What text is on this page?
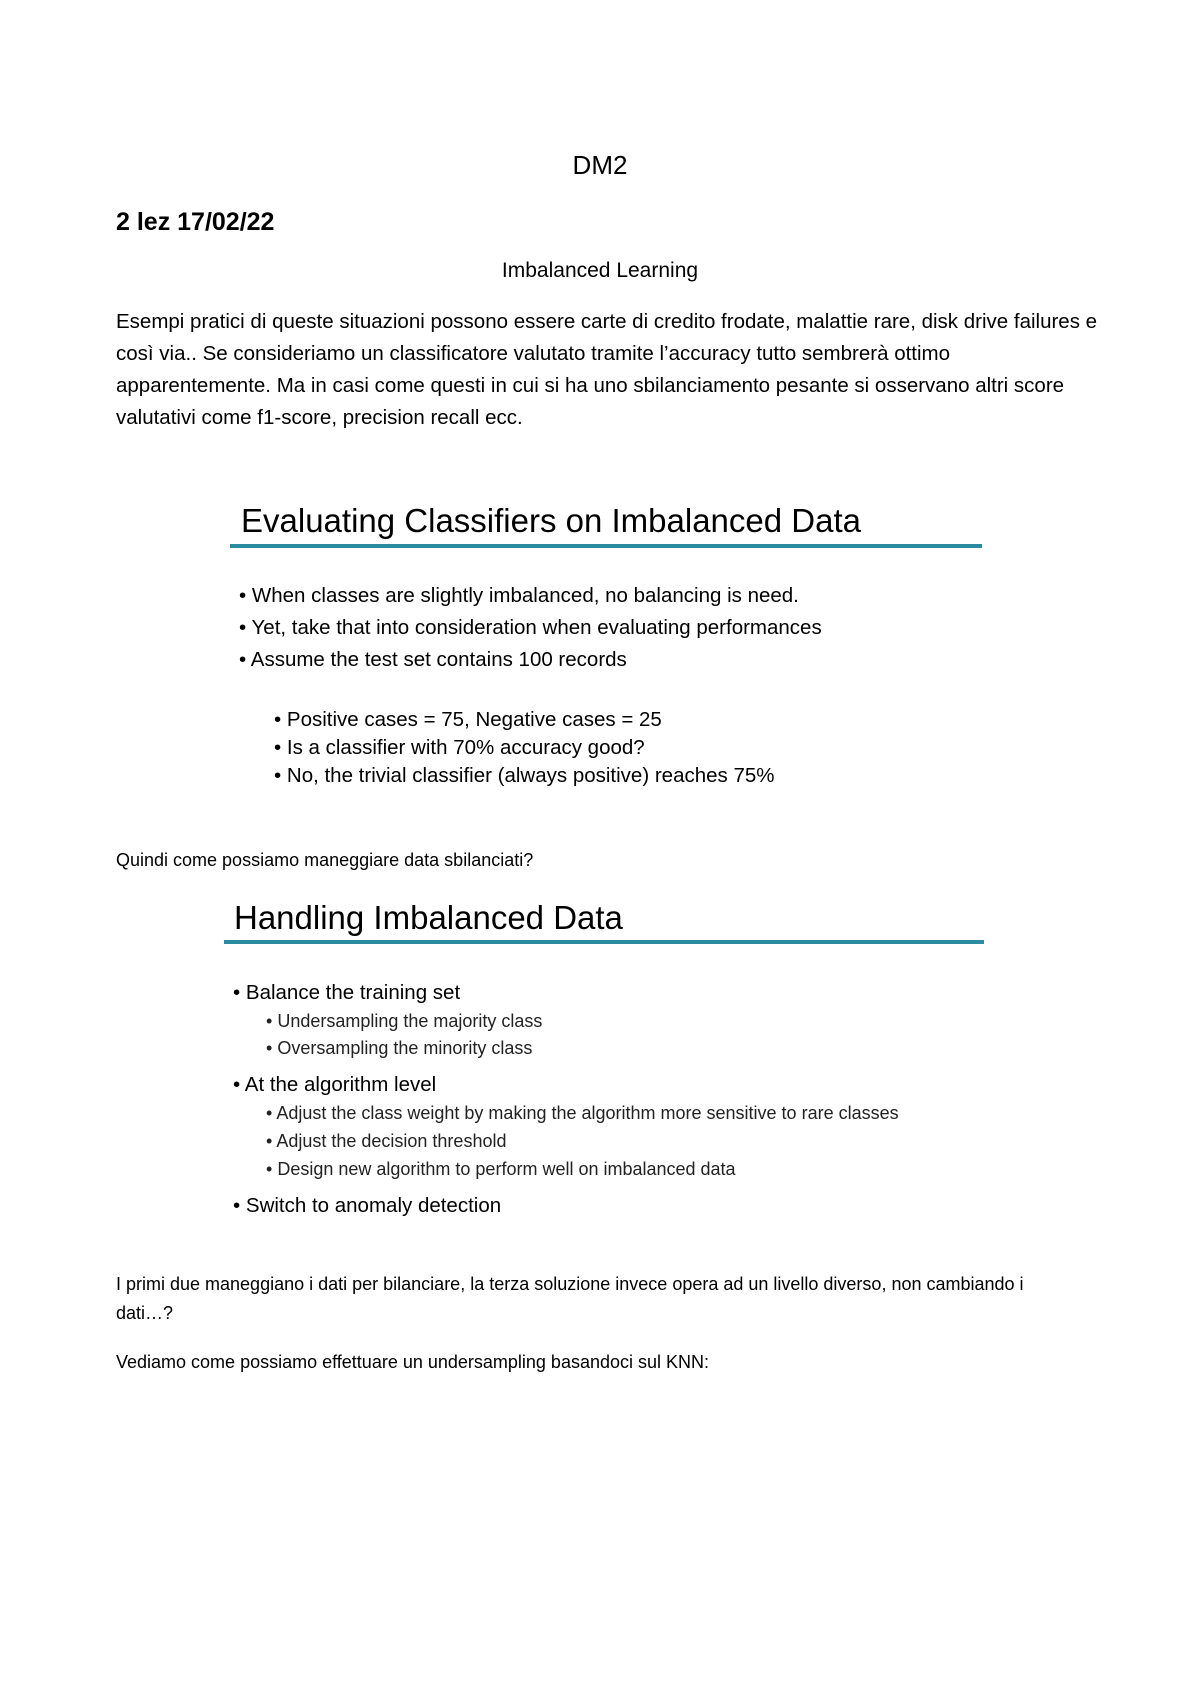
DM2
2 lez 17/02/22
Imbalanced Learning

Esempi pratici di queste situazioni possono essere carte di credito frodate, malattie rare, disk drive failures e così via.. Se consideriamo un classificatore valutato tramite l’accuracy tutto sembrerà ottimo apparentemente. Ma in casi come questi in cui si ha uno sbilanciamento pesante si osservano altri score valutativi come f1-score, precision recall ecc.

Evaluating Classifiers on Imbalanced Data
• When classes are slightly imbalanced, no balancing is need.
• Yet, take that into consideration when evaluating performances
• Assume the test set contains 100 records
• Positive cases = 75, Negative cases = 25
• Is a classifier with 70% accuracy good?
• No, the trivial classifier (always positive) reaches 75%
Quindi come possiamo maneggiare data sbilanciati?
Handling Imbalanced Data
• Balance the training set
• Undersampling the majority class
• Oversampling the minority class
• At the algorithm level
• Adjust the class weight by making the algorithm more sensitive to rare classes
• Adjust the decision threshold
• Design new algorithm to perform well on imbalanced data
• Switch to anomaly detection

I primi due maneggiano i dati per bilanciare, la terza soluzione invece opera ad un livello diverso, non cambiando i dati…?

Vediamo come possiamo effettuare un undersampling basandoci sul KNN:
